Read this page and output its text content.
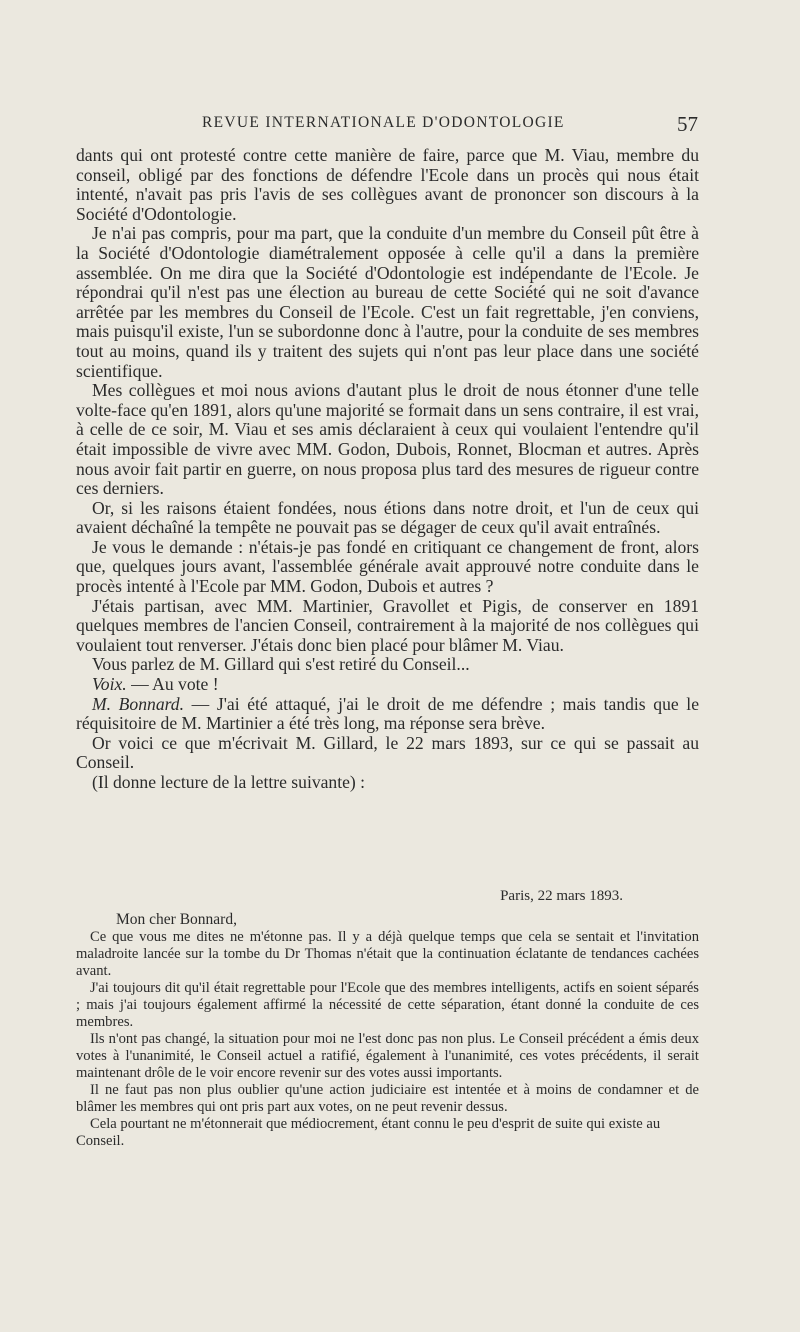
REVUE INTERNATIONALE D'ODONTOLOGIE	57

dants qui ont protesté contre cette manière de faire, parce que M. Viau, membre du conseil, obligé par des fonctions de défendre l'Ecole dans un procès qui nous était intenté, n'avait pas pris l'avis de ses collègues avant de prononcer son discours à la Société d'Odontologie.

Je n'ai pas compris, pour ma part, que la conduite d'un membre du Conseil pût être à la Société d'Odontologie diamétralement opposée à celle qu'il a dans la première assemblée. On me dira que la Société d'Odontologie est indépendante de l'Ecole. Je répondrai qu'il n'est pas une élection au bureau de cette Société qui ne soit d'avance arrêtée par les membres du Conseil de l'Ecole. C'est un fait regrettable, j'en conviens, mais puisqu'il existe, l'un se subordonne donc à l'autre, pour la conduite de ses membres tout au moins, quand ils y traitent des sujets qui n'ont pas leur place dans une société scientifique.

Mes collègues et moi nous avions d'autant plus le droit de nous étonner d'une telle volte-face qu'en 1891, alors qu'une majorité se formait dans un sens contraire, il est vrai, à celle de ce soir, M. Viau et ses amis déclaraient à ceux qui voulaient l'entendre qu'il était impossible de vivre avec MM. Godon, Dubois, Ronnet, Blocman et autres. Après nous avoir fait partir en guerre, on nous proposa plus tard des mesures de rigueur contre ces derniers.

Or, si les raisons étaient fondées, nous étions dans notre droit, et l'un de ceux qui avaient déchaîné la tempête ne pouvait pas se dégager de ceux qu'il avait entraînés.

Je vous le demande : n'étais-je pas fondé en critiquant ce changement de front, alors que, quelques jours avant, l'assemblée générale avait approuvé notre conduite dans le procès intenté à l'Ecole par MM. Godon, Dubois et autres ?

J'étais partisan, avec MM. Martinier, Gravollet et Pigis, de conserver en 1891 quelques membres de l'ancien Conseil, contrairement à la majorité de nos collègues qui voulaient tout renverser. J'étais donc bien placé pour blâmer M. Viau.

Vous parlez de M. Gillard qui s'est retiré du Conseil...

Voix. — Au vote !

M. Bonnard. — J'ai été attaqué, j'ai le droit de me défendre ; mais tandis que le réquisitoire de M. Martinier a été très long, ma réponse sera brève.

Or voici ce que m'écrivait M. Gillard, le 22 mars 1893, sur ce qui se passait au Conseil.

(Il donne lecture de la lettre suivante) :

Paris, 22 mars 1893.
Mon cher Bonnard,

Ce que vous me dites ne m'étonne pas. Il y a déjà quelque temps que cela se sentait et l'invitation maladroite lancée sur la tombe du Dr Thomas n'était que la continuation éclatante de tendances cachées avant.

J'ai toujours dit qu'il était regrettable pour l'Ecole que des membres intelligents, actifs en soient séparés ; mais j'ai toujours également affirmé la nécessité de cette séparation, étant donné la conduite de ces membres.

Ils n'ont pas changé, la situation pour moi ne l'est donc pas non plus. Le Conseil précédent a émis deux votes à l'unanimité, le Conseil actuel a ratifié, également à l'unanimité, ces votes précédents, il serait maintenant drôle de le voir encore revenir sur des votes aussi importants.

Il ne faut pas non plus oublier qu'une action judiciaire est intentée et à moins de condamner et de blâmer les membres qui ont pris part aux votes, on ne peut revenir dessus.

Cela pourtant ne m'étonnerait que médiocrement, étant connu le peu d'esprit de suite qui existe au Conseil.
